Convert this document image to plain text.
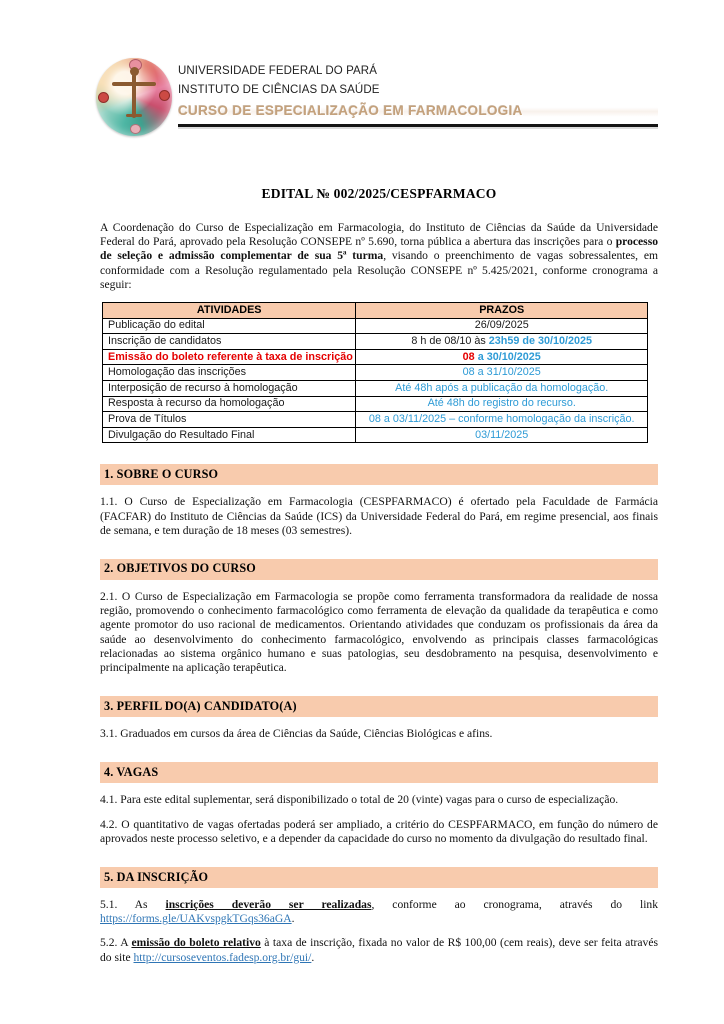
UNIVERSIDADE FEDERAL DO PARÁ
INSTITUTO DE CIÊNCIAS DA SAÚDE
CURSO DE ESPECIALIZAÇÃO EM FARMACOLOGIA
EDITAL № 002/2025/CESPFARMACO

A Coordenação do Curso de Especialização em Farmacologia, do Instituto de Ciências da Saúde da Universidade Federal do Pará, aprovado pela Resolução CONSEPE nº 5.690, torna pública a abertura das inscrições para o processo de seleção e admissão complementar de sua 5ª turma, visando o preenchimento de vagas sobressalentes, em conformidade com a Resolução regulamentado pela Resolução CONSEPE nº 5.425/2021, conforme cronograma a seguir:

ATIVIDADES	PRAZOS
Publicação do edital	26/09/2025
Inscrição de candidatos	8 h de 08/10 às 23h59 de 30/10/2025
Emissão do boleto referente à taxa de inscrição	08 a 30/10/2025
Homologação das inscrições	08 a 31/10/2025
Interposição de recurso à homologação	Até 48h após a publicação da homologação.
Resposta à recurso da homologação	Até 48h do registro do recurso.
Prova de Títulos	08 a 03/11/2025 – conforme homologação da inscrição.
Divulgação do Resultado Final	03/11/2025
1. SOBRE O CURSO

1.1. O Curso de Especialização em Farmacologia (CESPFARMACO) é ofertado pela Faculdade de Farmácia (FACFAR) do Instituto de Ciências da Saúde (ICS) da Universidade Federal do Pará, em regime presencial, aos finais de semana, e tem duração de 18 meses (03 semestres).

2. OBJETIVOS DO CURSO

2.1. O Curso de Especialização em Farmacologia se propõe como ferramenta transformadora da realidade de nossa região, promovendo o conhecimento farmacológico como ferramenta de elevação da qualidade da terapêutica e como agente promotor do uso racional de medicamentos. Orientando atividades que conduzam os profissionais da área da saúde ao desenvolvimento do conhecimento farmacológico, envolvendo as principais classes farmacológicas relacionadas ao sistema orgânico humano e suas patologias, seu desdobramento na pesquisa, desenvolvimento e principalmente na aplicação terapêutica.

3. PERFIL DO(A) CANDIDATO(A)

3.1. Graduados em cursos da área de Ciências da Saúde, Ciências Biológicas e afins.

4. VAGAS

4.1. Para este edital suplementar, será disponibilizado o total de 20 (vinte) vagas para o curso de especialização.

4.2. O quantitativo de vagas ofertadas poderá ser ampliado, a critério do CESPFARMACO, em função do número de aprovados neste processo seletivo, e a depender da capacidade do curso no momento da divulgação do resultado final.

5. DA INSCRIÇÃO

5.1. As inscrições deverão ser realizadas, conforme ao cronograma, através do link https://forms.gle/UAKvspgkTGqs36aGA.

5.2. A emissão do boleto relativo à taxa de inscrição, fixada no valor de R$ 100,00 (cem reais), deve ser feita através do site http://cursoseventos.fadesp.org.br/gui/.
